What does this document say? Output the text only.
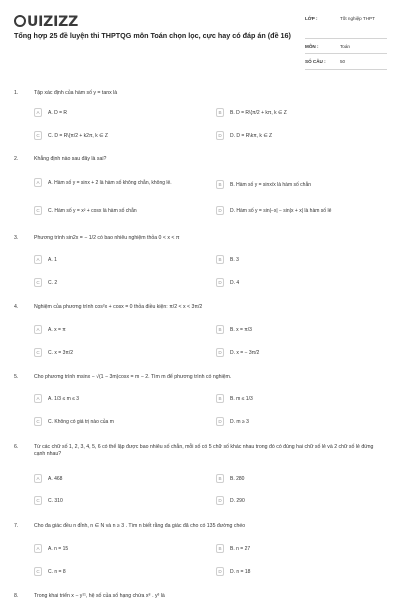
UIZIZZ
Tổng hợp 25 đề luyện thi THPTQG môn Toán chọn lọc, cực hay có đáp án (đề 16)
LỚP :	Tốt nghiệp THPT
MÔN :	Toán
SỐ CÂU :	50
1.	Tập xác định của hàm số y = tanx là
A	A. D = R	B	B. D = R\{π/2 + kπ, k ∈ Z
C	C. D = R\{π/2 + k2π, k ∈ Z	D	D. D = R\kπ, k ∈ Z
2.	Khẳng định nào sau đây là sai?
A	A. Hàm số y = sinx + 2 là hàm số không chẵn, không lẻ.	B	B. Hàm số y = sinx/x là hàm số chẵn
C	C. Hàm số y = x² + cosx là hàm số chẵn	D	D. Hàm số y = sin|−x| − sin|x + x| là hàm số lẻ
3.	Phương trình sin2x = − 1/2 có bao nhiêu nghiệm thỏa 0 < x < π
A	A. 1	B	B. 3
C	C. 2	D	D. 4
4.	Nghiệm của phương trình cos²x + cosx = 0 thỏa điều kiện: π/2 < x < 3π/2
A	A. x = π	B	B. x = π/3
C	C. x = 3π/2	D	D. x = − 3π/2
5.	Cho phương trình msinx − √(1 − 3m)cosx = m − 2. Tìm m để phương trình có nghiệm.
A	A. 1/3 ≤ m ≤ 3	B	B. m ≤ 1/3
C	C. Không có giá trị nào của m	D	D. m ≥ 3
6.	Từ các chữ số 1, 2, 3, 4, 5, 6 có thể lập được bao nhiêu số chẵn, mỗi số có 5 chữ số khác nhau trong đó có đúng hai chữ số lẻ và 2 chữ số lẻ đứng cạnh nhau?
A	A. 468	B	B. 280
C	C. 310	D	D. 290
7.	Cho đa giác đều n đỉnh, n ∈ N và n ≥ 3 . Tìm n biết rằng đa giác đã cho có 135 đường chéo
A	A. n = 15	B	B. n = 27
C	C. n = 8	D	D. n = 18
8.	Trong khai triển x − y¹¹, hệ số của số hạng chứa x⁸ . y³ là
